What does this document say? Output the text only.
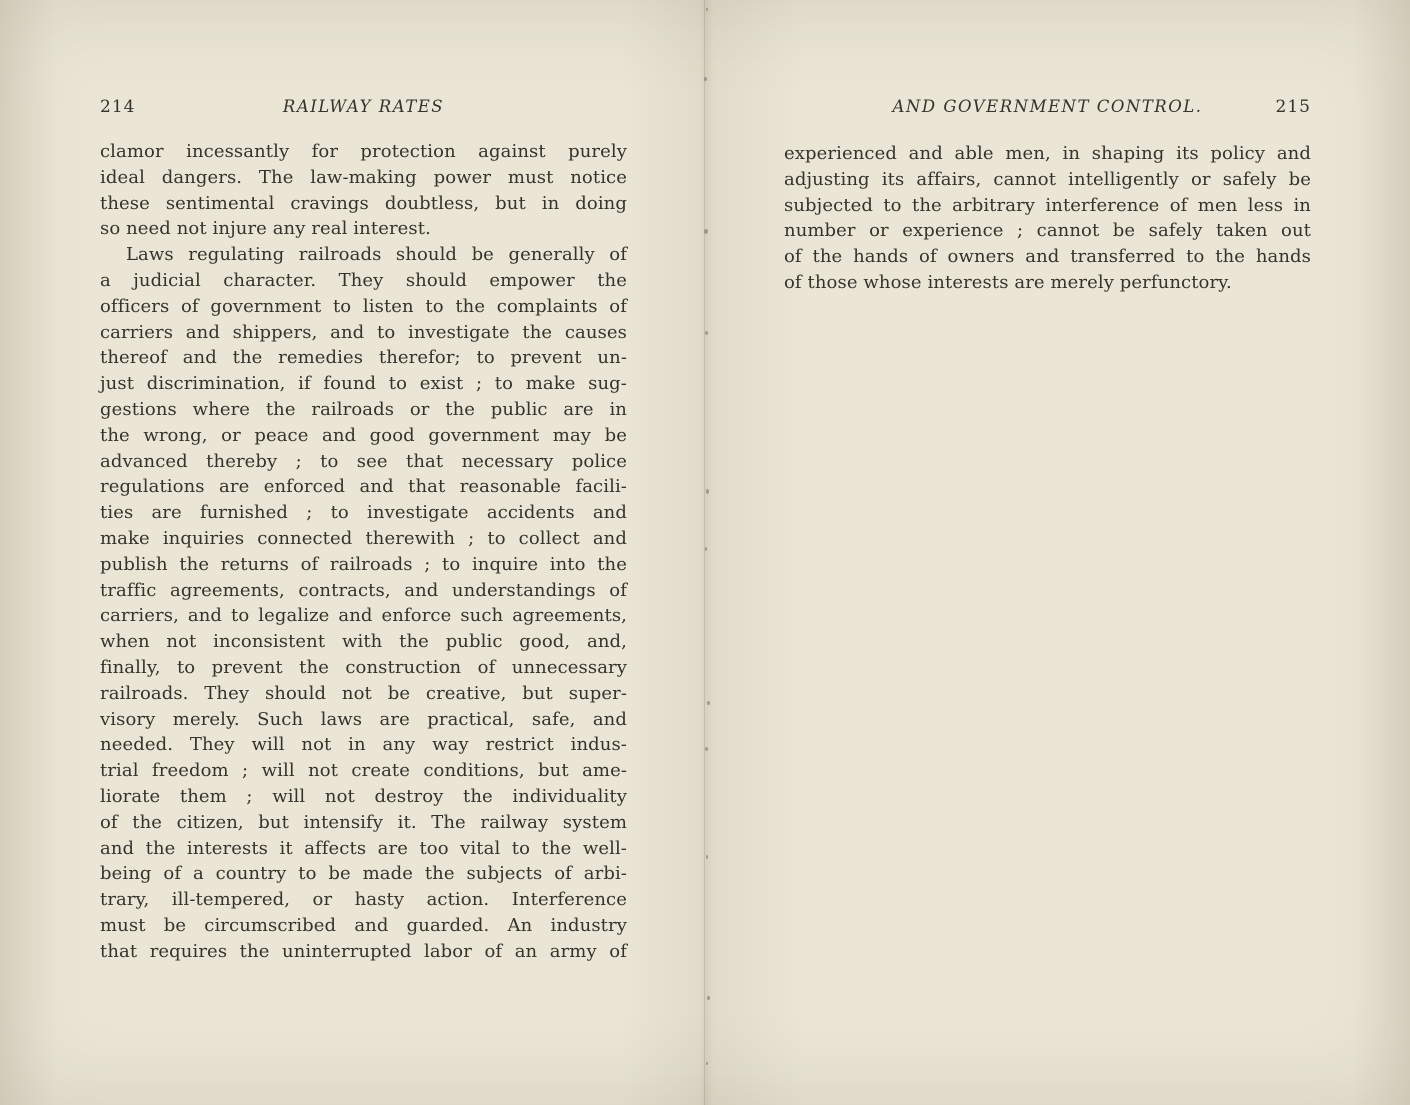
214	RAILWAY RATES
clamor incessantly for protection against purely
ideal dangers. The law-making power must notice
these sentimental cravings doubtless, but in doing
so need not injure any real interest.
Laws regulating railroads should be generally of
a judicial character. They should empower the
officers of government to listen to the complaints of
carriers and shippers, and to investigate the causes
thereof and the remedies therefor; to prevent un-
just discrimination, if found to exist ; to make sug-
gestions where the railroads or the public are in
the wrong, or peace and good government may be
advanced thereby ; to see that necessary police
regulations are enforced and that reasonable facili-
ties are furnished ; to investigate accidents and
make inquiries connected therewith ; to collect and
publish the returns of railroads ; to inquire into the
traffic agreements, contracts, and understandings of
carriers, and to legalize and enforce such agreements,
when not inconsistent with the public good, and,
finally, to prevent the construction of unnecessary
railroads. They should not be creative, but super-
visory merely. Such laws are practical, safe, and
needed. They will not in any way restrict indus-
trial freedom ; will not create conditions, but ame-
liorate them ; will not destroy the individuality
of the citizen, but intensify it. The railway system
and the interests it affects are too vital to the well-
being of a country to be made the subjects of arbi-
trary, ill-tempered, or hasty action. Interference
must be circumscribed and guarded. An industry
that requires the uninterrupted labor of an army of
AND GOVERNMENT CONTROL.	215
experienced and able men, in shaping its policy and
adjusting its affairs, cannot intelligently or safely be
subjected to the arbitrary interference of men less in
number or experience ; cannot be safely taken out
of the hands of owners and transferred to the hands
of those whose interests are merely perfunctory.
